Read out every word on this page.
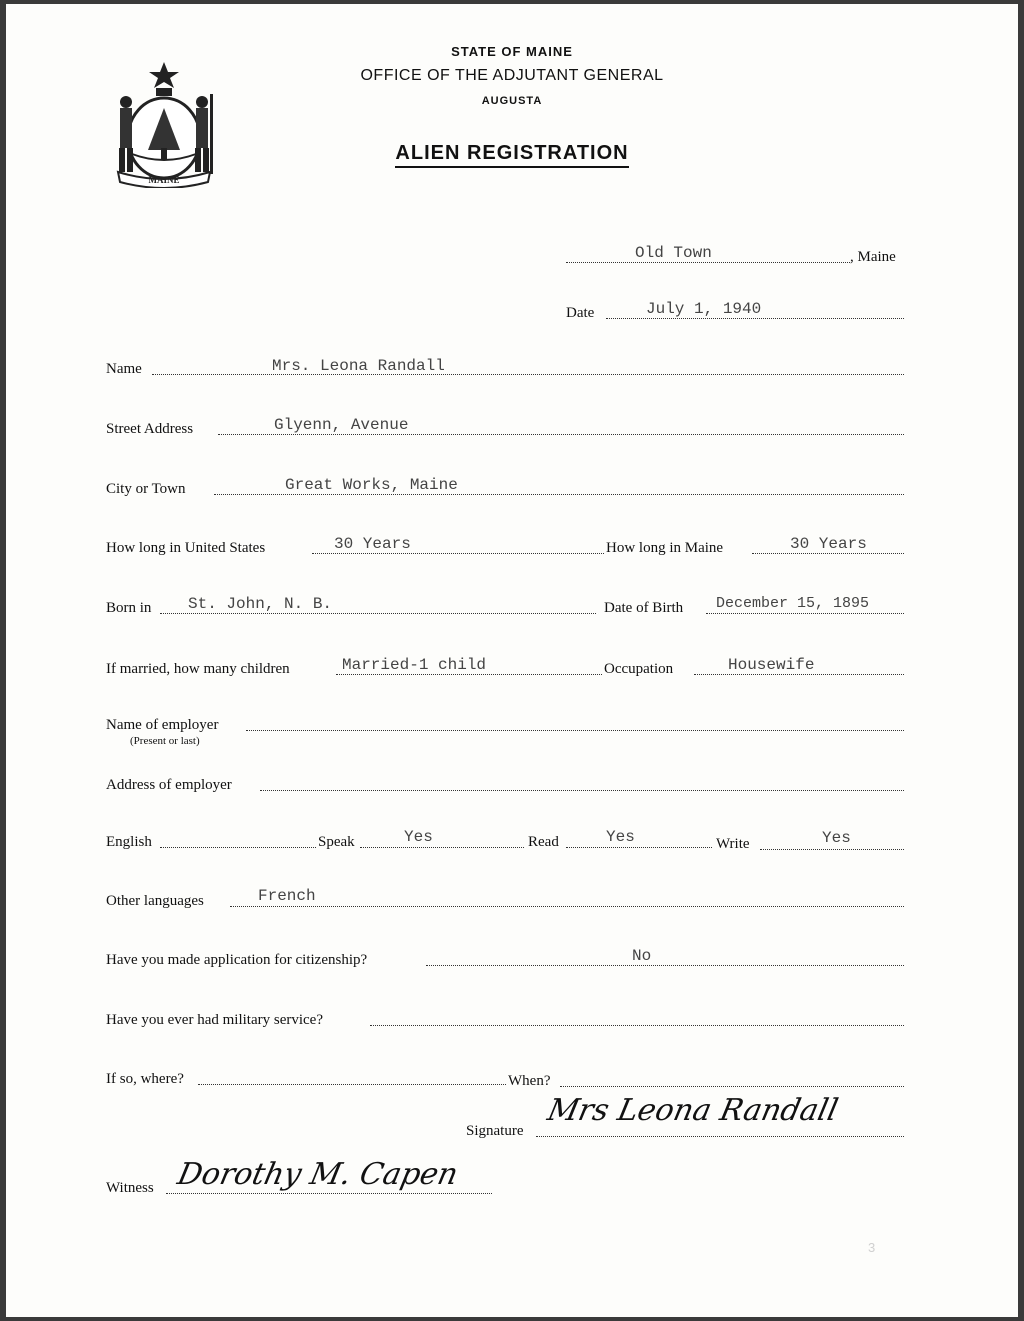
STATE OF MAINE
OFFICE OF THE ADJUTANT GENERAL
AUGUSTA
ALIEN REGISTRATION
MAINE
Old Town	, Maine
Date	July 1, 1940
Name	Mrs. Leona Randall
Street Address	Glyenn, Avenue
City or Town	Great Works, Maine
How long in United States	30 Years	How long in Maine	30 Years
Born in St. John, N. B.	Date of Birth December 15, 1895
If married, how many children	Married-1 child	Occupation	Housewife
Name of employer
(Present or last)
Address of employer
English	Speak	Yes	Read	Yes	Write	Yes
Other languages	French
Have you made application for citizenship?	No
Have you ever had military service?
If so, where?	When?
Signature
Mrs Leona Randall
Witness Dorothy M. Capen
3
